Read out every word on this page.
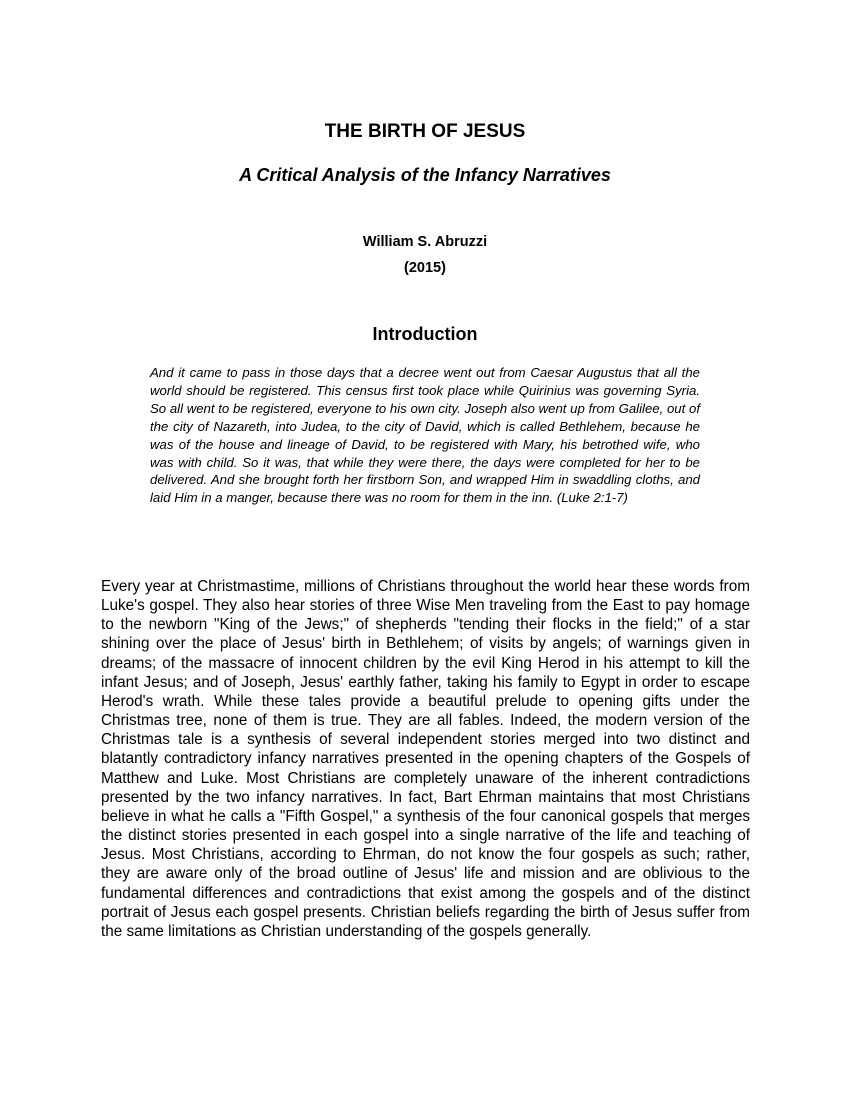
THE BIRTH OF JESUS
A Critical Analysis of the Infancy Narratives
William S. Abruzzi
(2015)
Introduction

And it came to pass in those days that a decree went out from Caesar Augustus that all the world should be registered. This census first took place while Quirinius was governing Syria. So all went to be registered, everyone to his own city. Joseph also went up from Galilee, out of the city of Nazareth, into Judea, to the city of David, which is called Bethlehem, because he was of the house and lineage of David, to be registered with Mary, his betrothed wife, who was with child. So it was, that while they were there, the days were completed for her to be delivered. And she brought forth her firstborn Son, and wrapped Him in swaddling cloths, and laid Him in a manger, because there was no room for them in the inn. (Luke 2:1-7)

Every year at Christmastime, millions of Christians throughout the world hear these words from Luke's gospel. They also hear stories of three Wise Men traveling from the East to pay homage to the newborn "King of the Jews;" of shepherds "tending their flocks in the field;" of a star shining over the place of Jesus' birth in Bethlehem; of visits by angels; of warnings given in dreams; of the massacre of innocent children by the evil King Herod in his attempt to kill the infant Jesus; and of Joseph, Jesus' earthly father, taking his family to Egypt in order to escape Herod's wrath. While these tales provide a beautiful prelude to opening gifts under the Christmas tree, none of them is true. They are all fables. Indeed, the modern version of the Christmas tale is a synthesis of several independent stories merged into two distinct and blatantly contradictory infancy narratives presented in the opening chapters of the Gospels of Matthew and Luke. Most Christians are completely unaware of the inherent contradictions presented by the two infancy narratives. In fact, Bart Ehrman maintains that most Christians believe in what he calls a "Fifth Gospel," a synthesis of the four canonical gospels that merges the distinct stories presented in each gospel into a single narrative of the life and teaching of Jesus. Most Christians, according to Ehrman, do not know the four gospels as such; rather, they are aware only of the broad outline of Jesus' life and mission and are oblivious to the fundamental differences and contradictions that exist among the gospels and of the distinct portrait of Jesus each gospel presents. Christian beliefs regarding the birth of Jesus suffer from the same limitations as Christian understanding of the gospels generally.
